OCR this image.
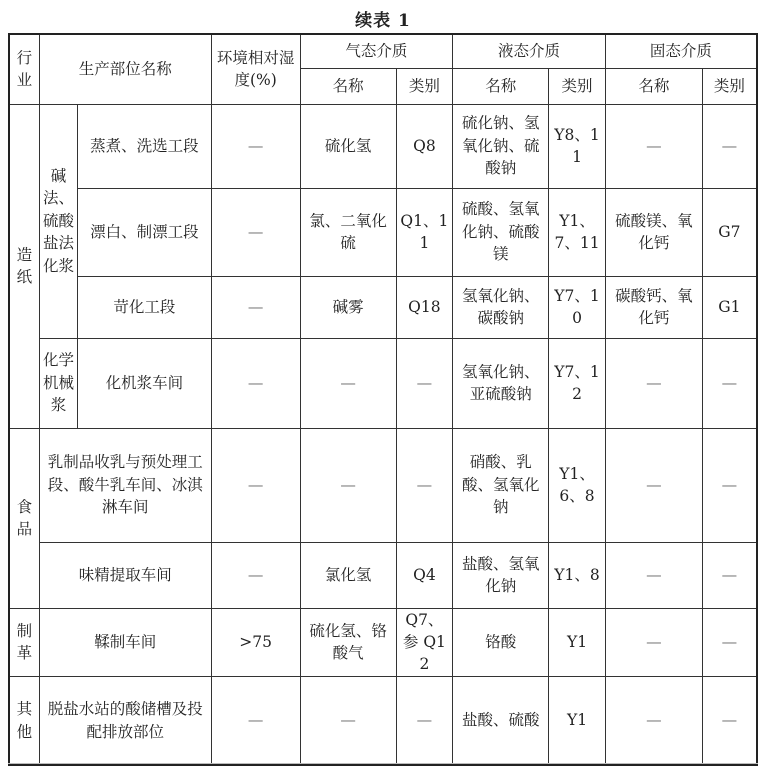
续表 1
行业	生产部位名称		环境相对湿度(%)	气态介质		液态介质		固态介质	
				名称	类别	名称	类别	名称	类别
造纸	碱法、硫酸盐法化浆	蒸煮、洗选工段	—	硫化氢	Q8	硫化钠、氢氧化钠、硫酸钠	Y8、11	—	—
		漂白、制漂工段	—	氯、二氧化硫	Q1、11	硫酸、氢氧化钠、硫酸镁	Y1、7、11	硫酸镁、氧化钙	G7
		苛化工段	—	碱雾	Q18	氢氧化钠、碳酸钠	Y7、10	碳酸钙、氧化钙	G1
	化学机械浆	化机浆车间	—	—	—	氢氧化钠、亚硫酸钠	Y7、12	—	—
食品	乳制品收乳与预处理工段、酸牛乳车间、冰淇淋车间		—	—	—	硝酸、乳酸、氢氧化钠	Y1、6、8	—	—
	味精提取车间		—	氯化氢	Q4	盐酸、氢氧化钠	Y1、8	—	—
制革	鞣制车间		>75	硫化氢、铬酸气	Q7、参 Q12	铬酸	Y1	—	—
其他	脱盐水站的酸储槽及投配排放部位		—	—	—	盐酸、硫酸	Y1	—	—
